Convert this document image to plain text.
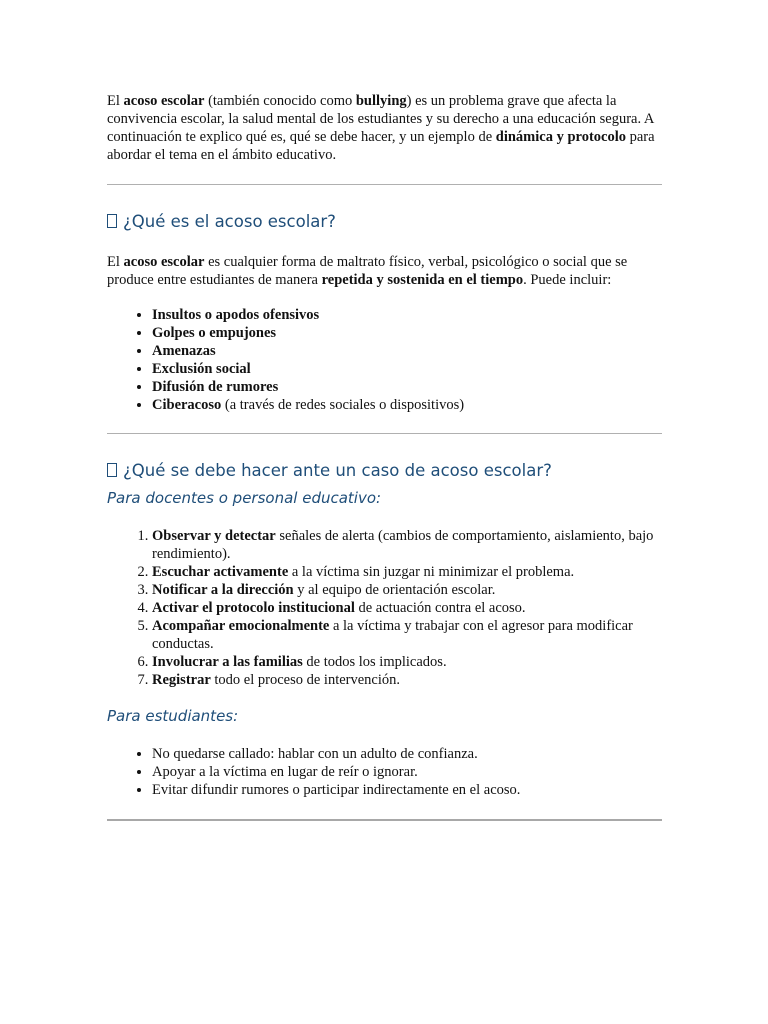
El acoso escolar (también conocido como bullying) es un problema grave que afecta la convivencia escolar, la salud mental de los estudiantes y su derecho a una educación segura. A continuación te explico qué es, qué se debe hacer, y un ejemplo de dinámica y protocolo para abordar el tema en el ámbito educativo.

¿Qué es el acoso escolar?

El acoso escolar es cualquier forma de maltrato físico, verbal, psicológico o social que se produce entre estudiantes de manera repetida y sostenida en el tiempo. Puede incluir:

• Insultos o apodos ofensivos
• Golpes o empujones
• Amenazas
• Exclusión social
• Difusión de rumores
• Ciberacoso (a través de redes sociales o dispositivos)
¿Qué se debe hacer ante un caso de acoso escolar?
Para docentes o personal educativo:
1. Observar y detectar señales de alerta (cambios de comportamiento, aislamiento, bajo rendimiento).
2. Escuchar activamente a la víctima sin juzgar ni minimizar el problema.
3. Notificar a la dirección y al equipo de orientación escolar.
4. Activar el protocolo institucional de actuación contra el acoso.
5. Acompañar emocionalmente a la víctima y trabajar con el agresor para modificar conductas.
6. Involucrar a las familias de todos los implicados.
7. Registrar todo el proceso de intervención.
Para estudiantes:
• No quedarse callado: hablar con un adulto de confianza.
• Apoyar a la víctima en lugar de reír o ignorar.
• Evitar difundir rumores o participar indirectamente en el acoso.
